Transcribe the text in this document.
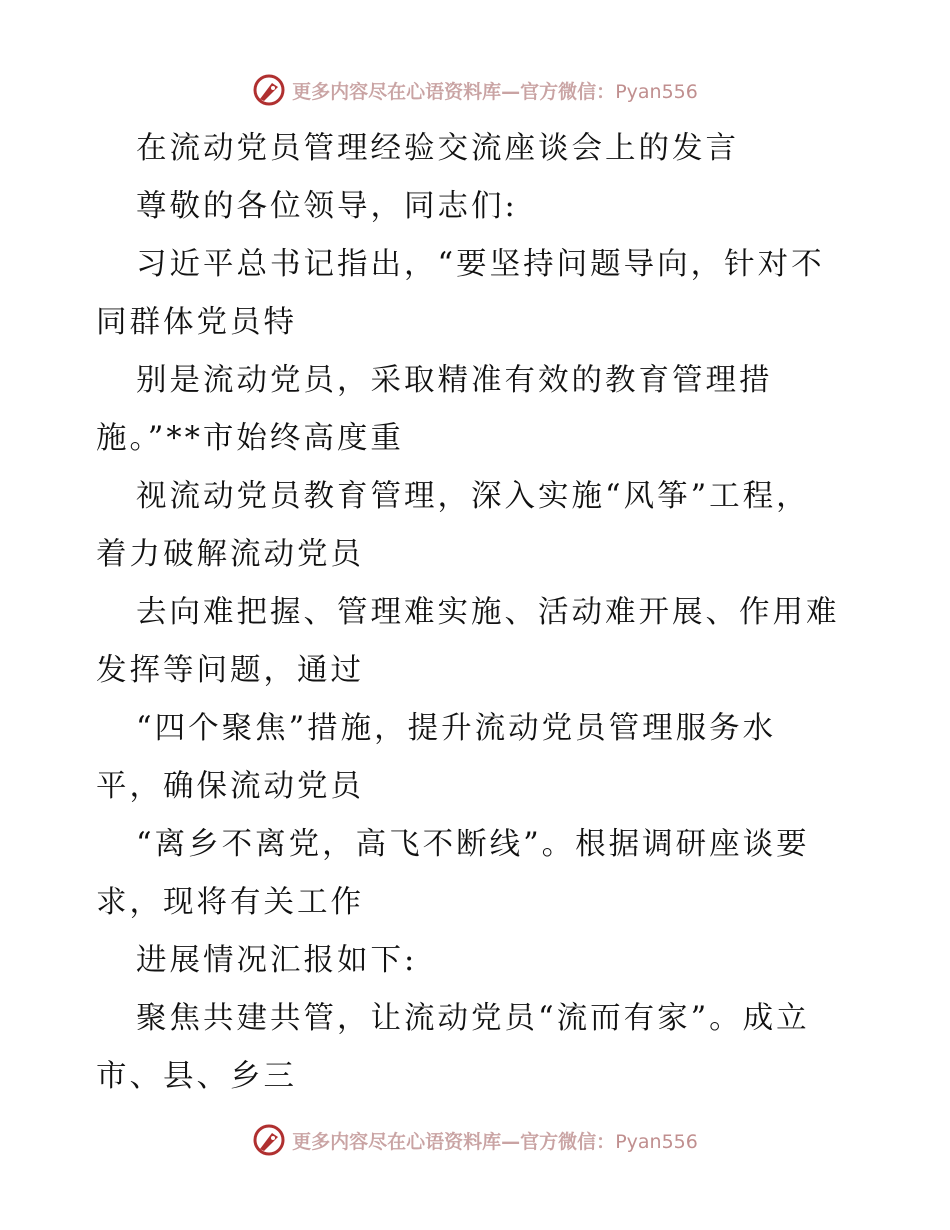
更多内容尽在心语资料库—官方微信：Pyan556
在流动党员管理经验交流座谈会上的发言
尊敬的各位领导，同志们:
习近平总书记指出，“要坚持问题导向，针对不
同群体党员特
别是流动党员，采取精准有效的教育管理措
施。”**市始终高度重
视流动党员教育管理，深入实施“风筝”工程，
着力破解流动党员
去向难把握、管理难实施、活动难开展、作用难
发挥等问题，通过
“四个聚焦”措施，提升流动党员管理服务水
平，确保流动党员
“离乡不离党，高飞不断线”。根据调研座谈要
求，现将有关工作
进展情况汇报如下:
聚焦共建共管，让流动党员“流而有家”。成立
市、县、乡三
更多内容尽在心语资料库—官方微信：Pyan556
